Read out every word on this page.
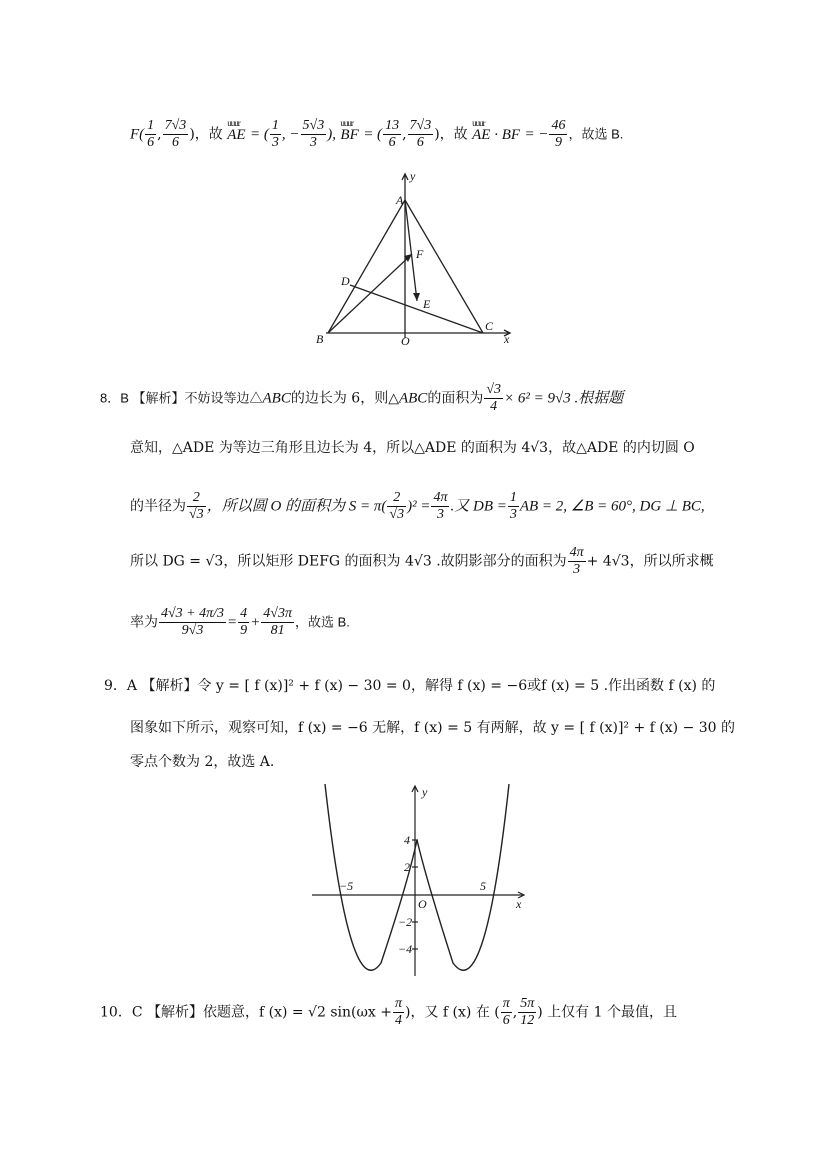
$F( \frac{1}{6}$ , $\frac{7√3}{6}$ )，故
uuur
AE = ( $\frac{1}{3}$ , − $\frac{5√3}{3}$ ),
uuur
BF = ( $\frac{13}{6}$ , $\frac{7√3}{6}$ )，故
uuur
AE · BF = − $\frac{46}{9}$ ，故选 B.
A
y
F
D
E
B	O
C
x
8．B 【解析】不妨设等边△ABC的边长为 6，则△ABC的面积为 $\frac{√3}{4} \times 6^2 = 9√3$ .根据题
意知，△ADE 为等边三角形且边长为 4，所以△ADE 的面积为 4√3，故△ADE 的内切圆 O
的半径为 $\frac{2}{√3}$ ，所以圆 O 的面积为 $S = \pi( \frac{2}{√3} )^2 = \frac{4\pi}{3}$ .又 DB = $\frac{1}{3}$ AB = 2, ∠B = 60°, DG ⊥ BC,
所以 DG = √3，所以矩形 DEFG 的面积为 4√3 .故阴影部分的面积为 $\frac{4\pi}{3} + 4√3$，所以所求概
率为 $\frac{4√3 + 4\pi/3}{9√3} = \frac{4}{9} + \frac{4√3\pi}{81}$ ，故选 B.
9．A 【解析】令 y = [ f (x)]² + f (x) − 30 = 0，解得 f (x) = −6或f (x) = 5 .作出函数 f (x) 的
图象如下所示，观察可知，f (x) = −6 无解，f (x) = 5 有两解，故 y = [ f (x)]² + f (x) − 30 的
零点个数为 2，故选 A.
y
4
2
−2
−4
−5	5
O	x
10．C 【解析】依题意，f (x) = √2 $\sin(\omega x + \frac{\pi}{4}$ )，又 f (x) 在 ( $\frac{\pi}{6}$ , $\frac{5\pi}{12}$ ) 上仅有 1 个最值，且
